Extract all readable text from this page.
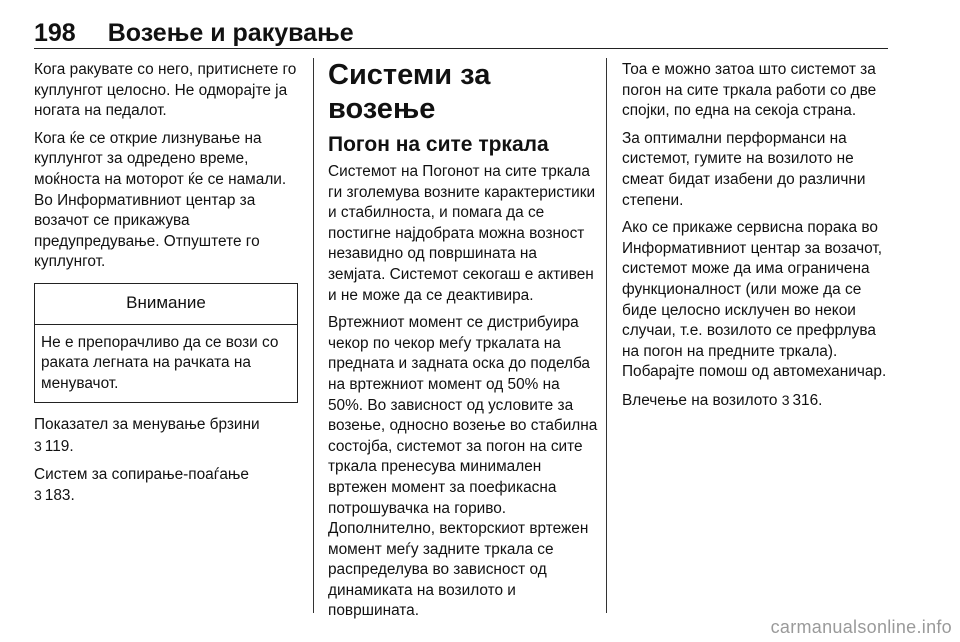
198 Возење и ракување

Кога ракувате со него, притиснете го куплунгот целосно. Не одморајте ја ногата на педалот.

Кога ќе се открие лизнување на куплунгот за одредено време, моќноста на моторот ќе се намали. Во Информативниот центар за возачот се прикажува предупредување. Отпуштете го куплунгот.

Внимание
Не е препорачливо да се вози со раката легната на рачката на менувачот.

Показател за менување брзини
3 119.

Систем за сопирање-поаѓање
3 183.

Системи за возење
Погон на сите тркала

Системот на Погонот на сите тркала ги зголемува возните карактеристики и стабилноста, и помага да се постигне најдобрата можна возност незавидно од површината на земјата. Системот секогаш е активен и не може да се деактивира.

Вртежниот момент се дистрибуира чекор по чекор меѓу тркалата на предната и задната оска до поделба на вртежниот момент од 50% на 50%. Во зависност од условите за возење, односно возење во стабилна состојба, системот за погон на сите тркала пренесува минимален вртежен момент за поефикасна потрошувачка на гориво. Дополнително, векторскиот вртежен момент меѓу задните тркала се распределува во зависност од динамиката на возилото и површината.

Тоа е можно затоа што системот за погон на сите тркала работи со две спојки, по една на секоја страна.

За оптимални перформанси на системот, гумите на возилото не смеат бидат изабени до различни степени.

Ако се прикаже сервисна порака во Информативниот центар за возачот, системот може да има ограничена функционалност (или може да се биде целосно исклучен во некои случаи, т.е. возилото се префрлува на погон на предните тркала). Побарајте помош од автомеханичар.

Влечење на возилото 3 316.

carmanualsonline.info
